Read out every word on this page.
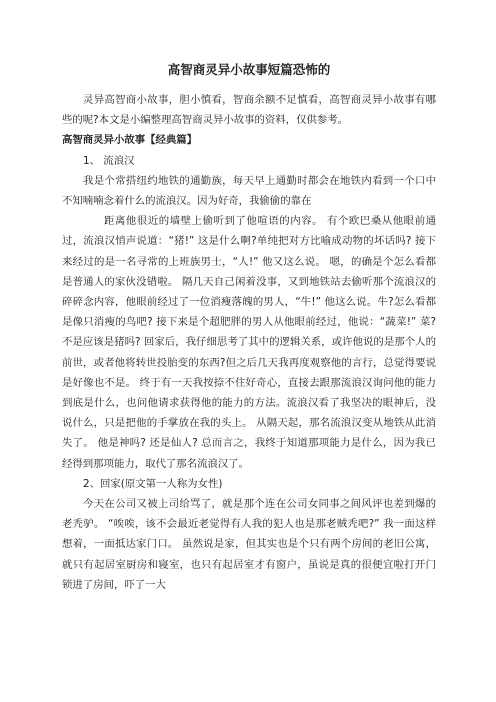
高智商灵异小故事短篇恐怖的

灵异高智商小故事，胆小慎看，智商余额不足慎看，高智商灵异小故事有哪些的呢?本文是小编整理高智商灵异小故事的资料，仅供参考。

高智商灵异小故事【经典篇】

1、 流浪汉

我是个常搭纽约地铁的通勤族，每天早上通勤时都会在地铁内看到一个口中不知喃喃念着什么的流浪汉。因为好奇，我偷偷的靠在

距离他很近的墙壁上偷听到了他喧语的内容。 有个欧巴桑从他眼前通过，流浪汉悄声说道：“猪!” 这是什么啊?单纯把对方比喻成动物的坏话吗? 接下来经过的是一名寻常的上班族男士，“人!” 他又这么说。 嗯，的确是个怎么看都是普通人的家伙没错啦。 隔几天自己闲着没事，又到地铁站去偷听那个流浪汉的碎碎念内容，他眼前经过了一位消瘦落魄的男人，“牛!” 他这么说。牛?怎么看都是像只消瘦的鸟吧? 接下来是个超肥胖的男人从他眼前经过，他说：“蔬菜!” 菜?不是应该是猪吗? 回家后，我仔细思考了其中的逻辑关系，或许他说的是那个人的前世，或者他将转世投胎变的东西?但之后几天我再度观察他的言行，总觉得要说是好像也不是。 终于有一天我按捺不住好奇心，直接去跟那流浪汉询问他的能力到底是什么，也问他请求获得他的能力的方法。流浪汉看了我坚决的眼神后，没说什么，只是把他的手掌放在我的头上。 从隔天起，那名流浪汉变从地铁从此消失了。 他是神吗? 还是仙人? 总而言之，我终于知道那项能力是什么，因为我已经得到那项能力，取代了那名流浪汉了。

2、回家(原文第一人称为女性)

今天在公司又被上司给骂了，就是那个连在公司女同事之间风评也差到爆的老秃驴。 “唉唉，该不会最近老觉得有人我的犯人也是那老贼秃吧?” 我一面这样想着，一面抵达家门口。 虽然说是家，但其实也是个只有两个房间的老旧公寓，就只有起居室厨房和寝室，也只有起居室才有窗户，虽说是真的很便宜啦打开门锁进了房间，吓了一大
